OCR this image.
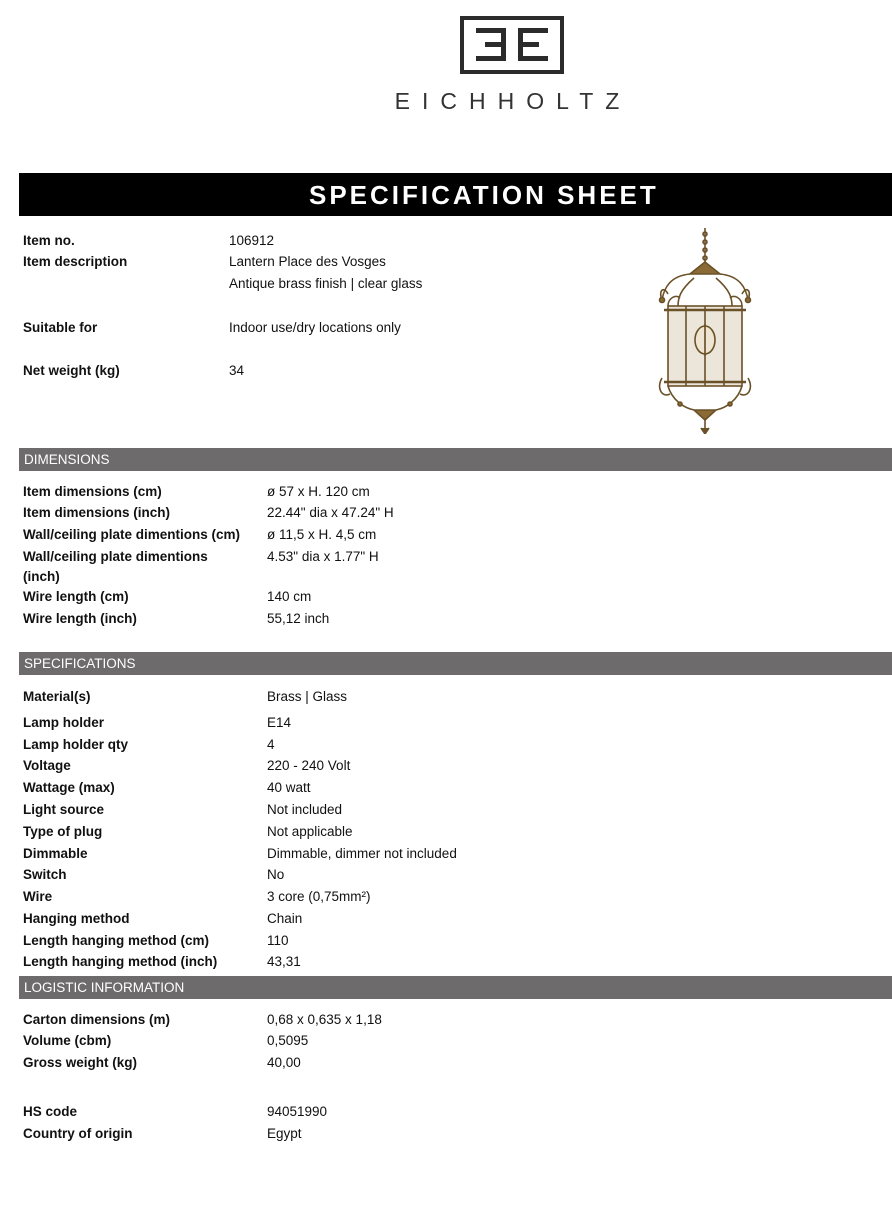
EICHHOLTZ
SPECIFICATION SHEET
Item no.	106912
Item description	Lantern Place des Vosges
Antique brass finish | clear glass
Suitable for	Indoor use/dry locations only
Net weight (kg)	34
DIMENSIONS
Item dimensions (cm)	ø 57 x H. 120 cm
Item dimensions (inch)	22.44" dia x 47.24" H
Wall/ceiling plate dimentions (cm)	ø 11,5 x H. 4,5 cm
Wall/ceiling plate dimentions (inch)
4.53" dia x 1.77" H
Wire length (cm)	140 cm
Wire length (inch)	55,12 inch
SPECIFICATIONS
Material(s)	Brass | Glass
Lamp holder	E14
Lamp holder qty	4
Voltage	220 - 240 Volt
Wattage (max)	40 watt
Light source	Not included
Type of plug	Not applicable
Dimmable	Dimmable, dimmer not included
Switch	No
Wire	3 core (0,75mm²)
Hanging method	Chain
Length hanging method (cm)	110
Length hanging method (inch)	43,31
LOGISTIC INFORMATION
Carton dimensions (m)	0,68 x 0,635 x 1,18
Volume (cbm)	0,5095
Gross weight (kg)	40,00
HS code	94051990
Country of origin	Egypt
